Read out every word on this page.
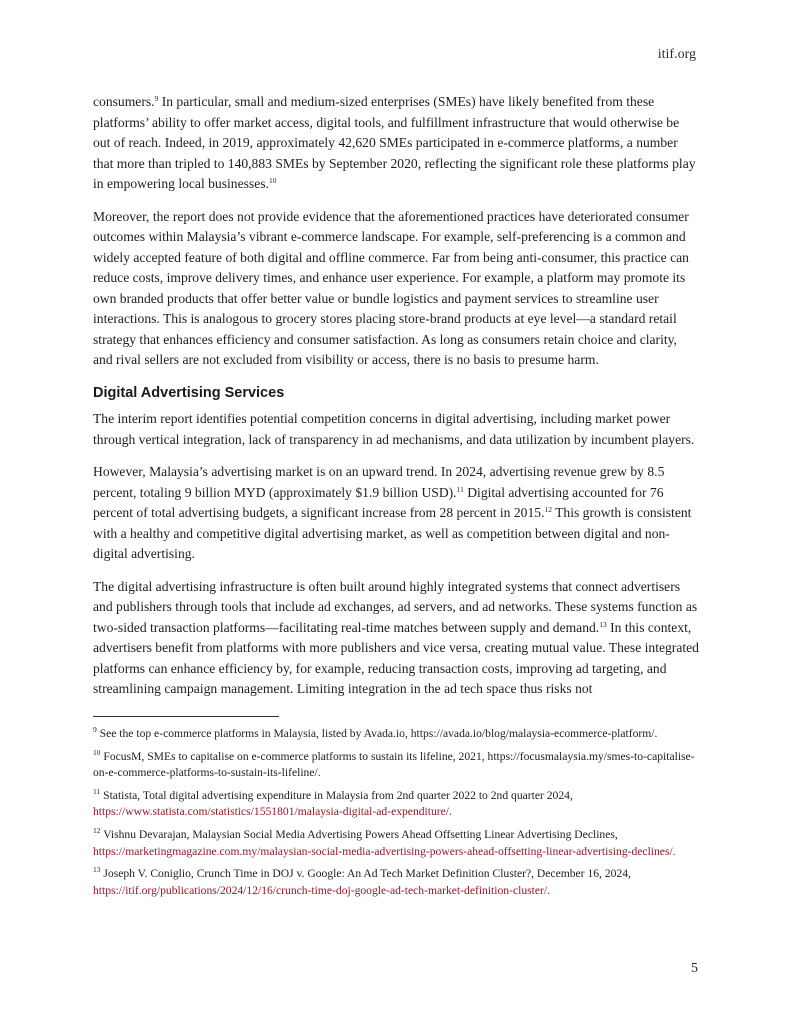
itif.org

consumers.$^9$ In particular, small and medium-sized enterprises (SMEs) have likely benefited from these platforms’ ability to offer market access, digital tools, and fulfillment infrastructure that would otherwise be out of reach. Indeed, in 2019, approximately 42,620 SMEs participated in e-commerce platforms, a number that more than tripled to 140,883 SMEs by September 2020, reflecting the significant role these platforms play in empowering local businesses.$^{10}$

Moreover, the report does not provide evidence that the aforementioned practices have deteriorated consumer outcomes within Malaysia’s vibrant e-commerce landscape. For example, self-preferencing is a common and widely accepted feature of both digital and offline commerce. Far from being anti-consumer, this practice can reduce costs, improve delivery times, and enhance user experience. For example, a platform may promote its own branded products that offer better value or bundle logistics and payment services to streamline user interactions. This is analogous to grocery stores placing store-brand products at eye level—a standard retail strategy that enhances efficiency and consumer satisfaction. As long as consumers retain choice and clarity, and rival sellers are not excluded from visibility or access, there is no basis to presume harm.

Digital Advertising Services

The interim report identifies potential competition concerns in digital advertising, including market power through vertical integration, lack of transparency in ad mechanisms, and data utilization by incumbent players.

However, Malaysia’s advertising market is on an upward trend. In 2024, advertising revenue grew by 8.5 percent, totaling 9 billion MYD (approximately $1.9 billion USD).$^{11}$ Digital advertising accounted for 76 percent of total advertising budgets, a significant increase from 28 percent in 2015.12 This growth is consistent with a healthy and competitive digital advertising market, as well as competition between digital and non-digital advertising.

The digital advertising infrastructure is often built around highly integrated systems that connect advertisers and publishers through tools that include ad exchanges, ad servers, and ad networks. These systems function as two-sided transaction platforms—facilitating real-time matches between supply and demand.$^{13}$ In this context, advertisers benefit from platforms with more publishers and vice versa, creating mutual value. These integrated platforms can enhance efficiency by, for example, reducing transaction costs, improving ad targeting, and streamlining campaign management. Limiting integration in the ad tech space thus risks not

$^9$ See the top e-commerce platforms in Malaysia, listed by Avada.io, https://avada.io/blog/malaysia-ecommerce-platform/.

$^{10}$ FocusM, SMEs to capitalise on e-commerce platforms to sustain its lifeline, 2021, https://focusmalaysia.my/smes-to-capitalise-on-e-commerce-platforms-to-sustain-its-lifeline/.

$^{11}$ Statista, Total digital advertising expenditure in Malaysia from 2nd quarter 2022 to 2nd quarter 2024, https://www.statista.com/statistics/1551801/malaysia-digital-ad-expenditure/.

$^{12}$ Vishnu Devarajan, Malaysian Social Media Advertising Powers Ahead Offsetting Linear Advertising Declines, https://marketingmagazine.com.my/malaysian-social-media-advertising-powers-ahead-offsetting-linear-advertising-declines/.

$^{13}$ Joseph V. Coniglio, Crunch Time in DOJ v. Google: An Ad Tech Market Definition Cluster?, December 16, 2024, https://itif.org/publications/2024/12/16/crunch-time-doj-google-ad-tech-market-definition-cluster/.

5
